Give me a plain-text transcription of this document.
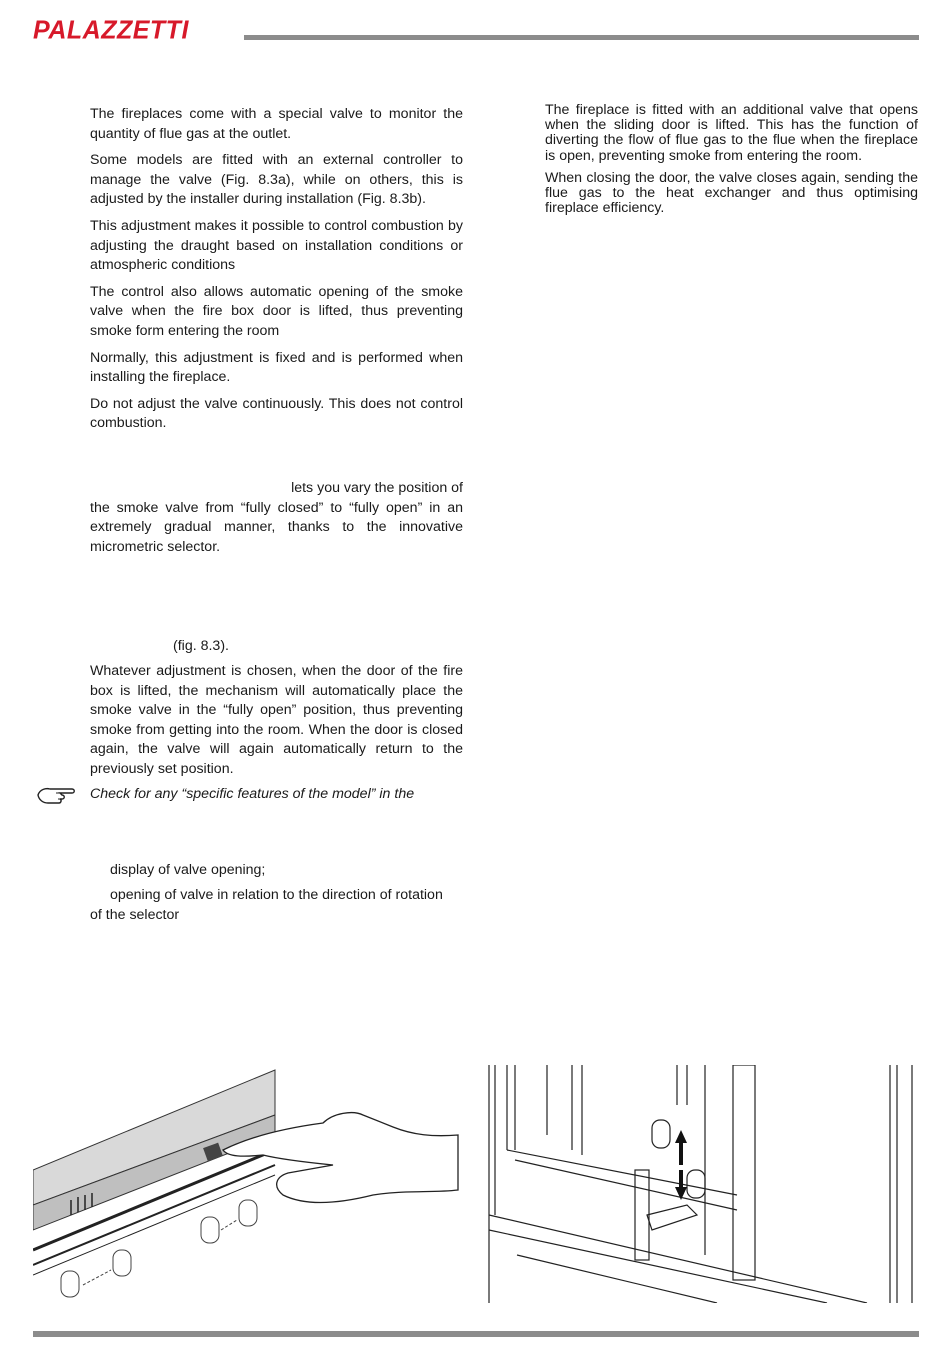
PALAZZETTI

The fireplaces come with a special valve to monitor the quantity of flue gas at the outlet.

Some models are fitted with an external controller to manage the valve (Fig. 8.3a), while on others, this is adjusted by the installer during installation (Fig. 8.3b).

This adjustment makes it possible to control combustion by adjusting the draught based on installation conditions or atmospheric conditions

The control also allows automatic opening of the smoke valve when the fire box door is lifted, thus preventing smoke form entering the room

Normally, this adjustment is fixed and is performed when installing the fireplace.

Do not adjust the valve continuously. This does not control combustion.

lets you vary the position of

the smoke valve from “fully closed” to “fully open” in an extremely gradual manner, thanks to the innovative micrometric selector.

(fig. 8.3).

Whatever adjustment is chosen, when the door of the fire box is lifted, the mechanism will automatically place the smoke valve in the “fully open” position, thus preventing smoke from getting into the room. When the door is closed again, the valve will again automatically return to the previously set position.

Check for any “specific features of the model” in the

display of valve opening;

opening of valve in relation to the direction of rotation

of the selector

The fireplace is fitted with an additional valve that opens when the sliding door is lifted. This has the function of diverting the flow of flue gas to the flue when the fireplace is open, preventing smoke from entering the room.

When closing the door, the valve closes again, sending the flue gas to the heat exchanger and thus optimising fireplace efficiency.
